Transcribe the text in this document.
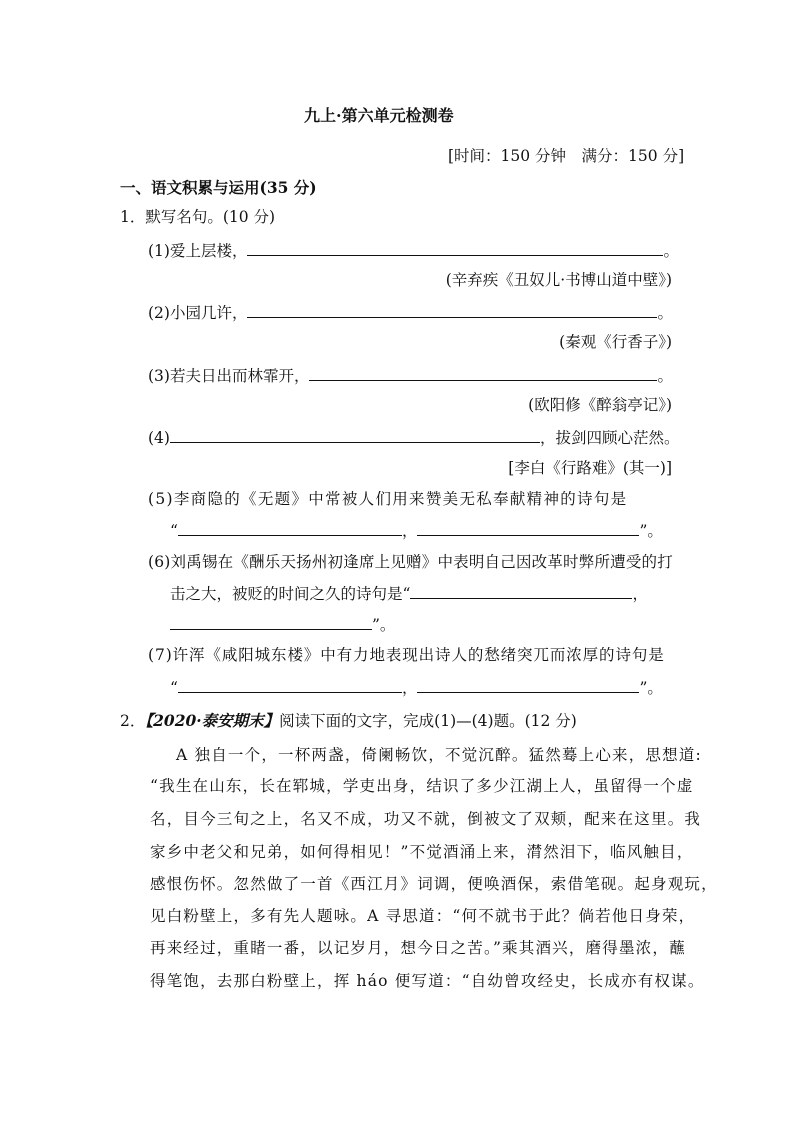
九上·第六单元检测卷
[时间：150 分钟　满分：150 分]
一、语文积累与运用(35 分)
1．默写名句。(10 分)
(1)爱上层楼，	。
(辛弃疾《丑奴儿·书博山道中壁》)
(2)小园几许，	。
(秦观《行香子》)
(3)若夫日出而林霏开，	。
(欧阳修《醉翁亭记》)
(4)	，拔剑四顾心茫然。
[李白《行路难》(其一)]
(5)李商隐的《无题》中常被人们用来赞美无私奉献精神的诗句是
“	，	”。
(6)刘禹锡在《酬乐天扬州初逢席上见赠》中表明自己因改革时弊所遭受的打
击之大，被贬的时间之久的诗句是“	，
”。
(7)许浑《咸阳城东楼》中有力地表现出诗人的愁绪突兀而浓厚的诗句是
“	，	”。
2．【2020·泰安期末】阅读下面的文字，完成(1)—(4)题。(12 分)
A 独自一个，一杯两盏，倚阑畅饮，不觉沉醉。猛然蓦上心来，思想道:
“我生在山东，长在郓城，学吏出身，结识了多少江湖上人，虽留得一个虚
名，目今三旬之上，名又不成，功又不就，倒被文了双颊，配来在这里。我
家乡中老父和兄弟，如何得相见！”不觉酒涌上来，潸然泪下，临风触目，
感恨伤怀。忽然做了一首《西江月》词调，便唤酒保，索借笔砚。起身观玩，
见白粉壁上，多有先人题咏。A 寻思道：“何不就书于此？倘若他日身荣，
再来经过，重睹一番，以记岁月，想今日之苦。”乘其酒兴，磨得墨浓，蘸
得笔饱，去那白粉壁上，挥 háo 便写道：“自幼曾攻经史，长成亦有权谋。
